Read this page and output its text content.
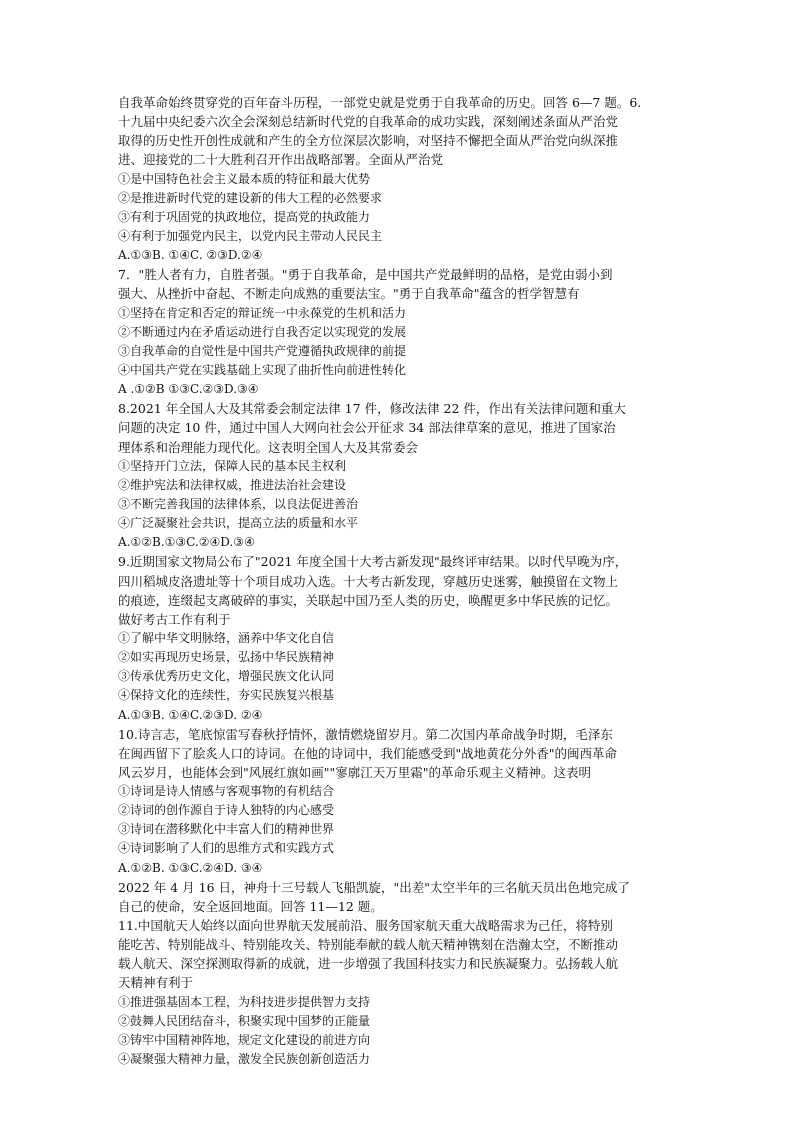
自我革命始终贯穿党的百年奋斗历程，一部党史就是党勇于自我革命的历史。回答 6—7 题。6.
十九届中央纪委六次全会深刻总结新时代党的自我革命的成功实践，深刻阐述条面从严治党
取得的历史性开创性成就和产生的全方位深层次影响，对坚持不懈把全面从严治党向纵深推
进、迎接党的二十大胜利召开作出战略部署。全面从严治党
①是中国特色社会主义最本质的特征和最大优势
②是推进新时代党的建设新的伟大工程的必然要求
③有利于巩固党的执政地位，提高党的执政能力
④有利于加强党内民主，以党内民主带动人民民主
A.①③B. ①④C. ②③D.②④
7．"胜人者有力，自胜者强。"勇于自我革命，是中国共产党最鲜明的品格，是党由弱小到
强大、从挫折中奋起、不断走向成熟的重要法宝。"勇于自我革命"蕴含的哲学智慧有
①坚持在肯定和否定的辩证统一中永葆党的生机和活力
②不断通过内在矛盾运动进行自我否定以实现党的发展
③自我革命的自觉性是中国共产党遵循执政规律的前提
④中国共产党在实践基础上实现了曲折性向前进性转化
A .①②B ①③C.②③D.③④
8.2021 年全国人大及其常委会制定法律 17 件，修改法律 22 件，作出有关法律问题和重大
问题的决定 10 件，通过中国人大网向社会公开征求 34 部法律草案的意见，推进了国家治
理体系和治理能力现代化。这表明全国人大及其常委会
①坚持开门立法，保障人民的基本民主权利
②维护宪法和法律权威，推进法治社会建设
③不断完善我国的法律体系，以良法促进善治
④广泛凝聚社会共识，提高立法的质量和水平
A.①②B.①③C.②④D.③④
9.近期国家文物局公布了"2021 年度全国十大考古新发现"最终评审结果。以时代早晚为序，
四川稻城皮洛遗址等十个项目成功入选。十大考古新发现，穿越历史迷雾，触摸留在文物上
的痕迹，连缀起支离破碎的事实，关联起中国乃至人类的历史，唤醒更多中华民族的记忆。
做好考古工作有利于
①了解中华文明脉络，涵养中华文化自信
②如实再现历史场景，弘扬中华民族精神
③传承优秀历史文化，增强民族文化认同
④保持文化的连续性，夯实民族复兴根基
A.①③B. ①④C.②③D. ②④
10.诗言志，笔底惊雷写春秋抒情怀，激情燃烧留岁月。第二次国内革命战争时期，毛泽东
在闽西留下了脍炙人口的诗词。在他的诗词中，我们能感受到"战地黄花分外香"的闽西革命
风云岁月，也能体会到"风展红旗如画""寥廓江天万里霜"的革命乐观主义精神。这表明
①诗词是诗人情感与客观事物的有机结合
②诗词的创作源自于诗人独特的内心感受
③诗词在潜移默化中丰富人们的精神世界
④诗词影响了人们的思维方式和实践方式
A.①②B. ①③C.②④D. ③④
2022 年 4 月 16 日，神舟十三号载人飞船凯旋，"出差"太空半年的三名航天员出色地完成了
自己的使命，安全返回地面。回答 11—12 题。
11.中国航天人始终以面向世界航天发展前沿、服务国家航天重大战略需求为己任，将特别
能吃苦、特别能战斗、特别能攻关、特别能奉献的载人航天精神镌刻在浩瀚太空，不断推动
载人航天、深空探测取得新的成就，进一步增强了我国科技实力和民族凝聚力。弘扬载人航
天精神有利于
①推进强基固本工程，为科技进步提供智力支持
②鼓舞人民团结奋斗，积聚实现中国梦的正能量
③铸牢中国精神阵地，规定文化建设的前进方向
④凝聚强大精神力量，激发全民族创新创造活力
